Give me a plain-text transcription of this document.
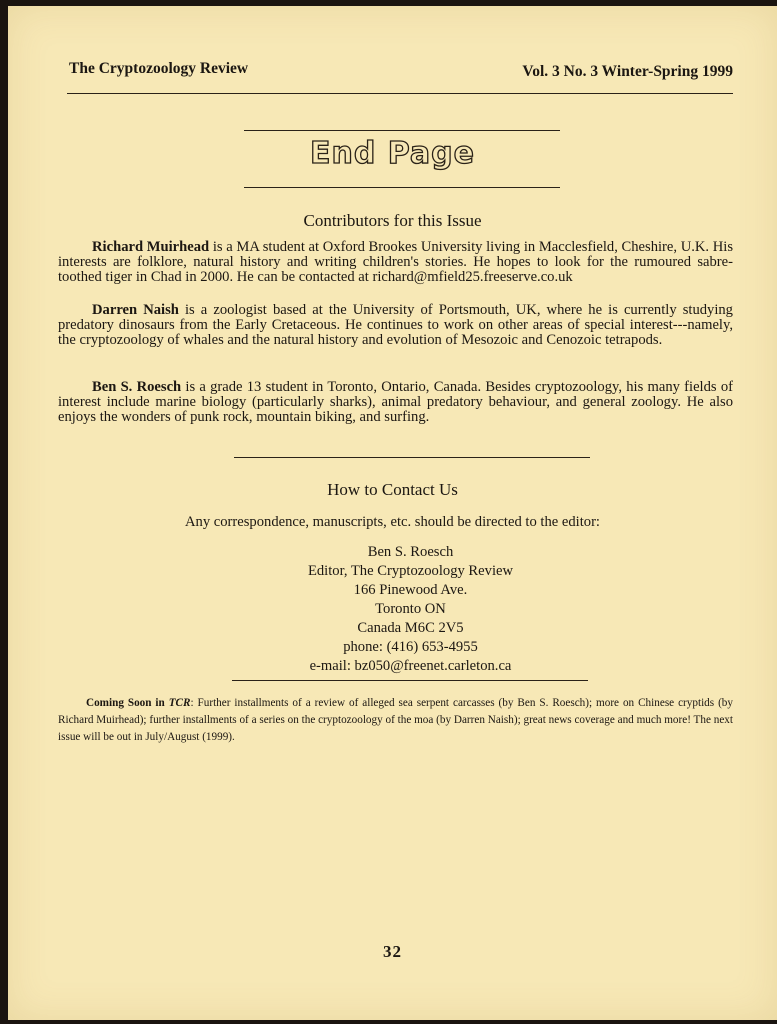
The Cryptozoology Review	Vol. 3 No. 3 Winter-Spring 1999
End Page
Contributors for this Issue
Richard Muirhead is a MA student at Oxford Brookes University living in Macclesfield, Cheshire, U.K. His interests are folklore, natural history and writing children's stories. He hopes to look for the rumoured sabre-toothed tiger in Chad in 2000. He can be contacted at richard@mfield25.freeserve.co.uk
Darren Naish is a zoologist based at the University of Portsmouth, UK, where he is currently studying predatory dinosaurs from the Early Cretaceous. He continues to work on other areas of special interest---namely, the cryptozoology of whales and the natural history and evolution of Mesozoic and Cenozoic tetrapods.
Ben S. Roesch is a grade 13 student in Toronto, Ontario, Canada. Besides cryptozoology, his many fields of interest include marine biology (particularly sharks), animal predatory behaviour, and general zoology. He also enjoys the wonders of punk rock, mountain biking, and surfing.
How to Contact Us
Any correspondence, manuscripts, etc. should be directed to the editor:
Ben S. Roesch
Editor, The Cryptozoology Review
166 Pinewood Ave.
Toronto ON
Canada M6C 2V5
phone: (416) 653-4955
e-mail: bz050@freenet.carleton.ca
Coming Soon in TCR: Further installments of a review of alleged sea serpent carcasses (by Ben S. Roesch); more on Chinese cryptids (by Richard Muirhead); further installments of a series on the cryptozoology of the moa (by Darren Naish); great news coverage and much more! The next issue will be out in July/August (1999).
32
